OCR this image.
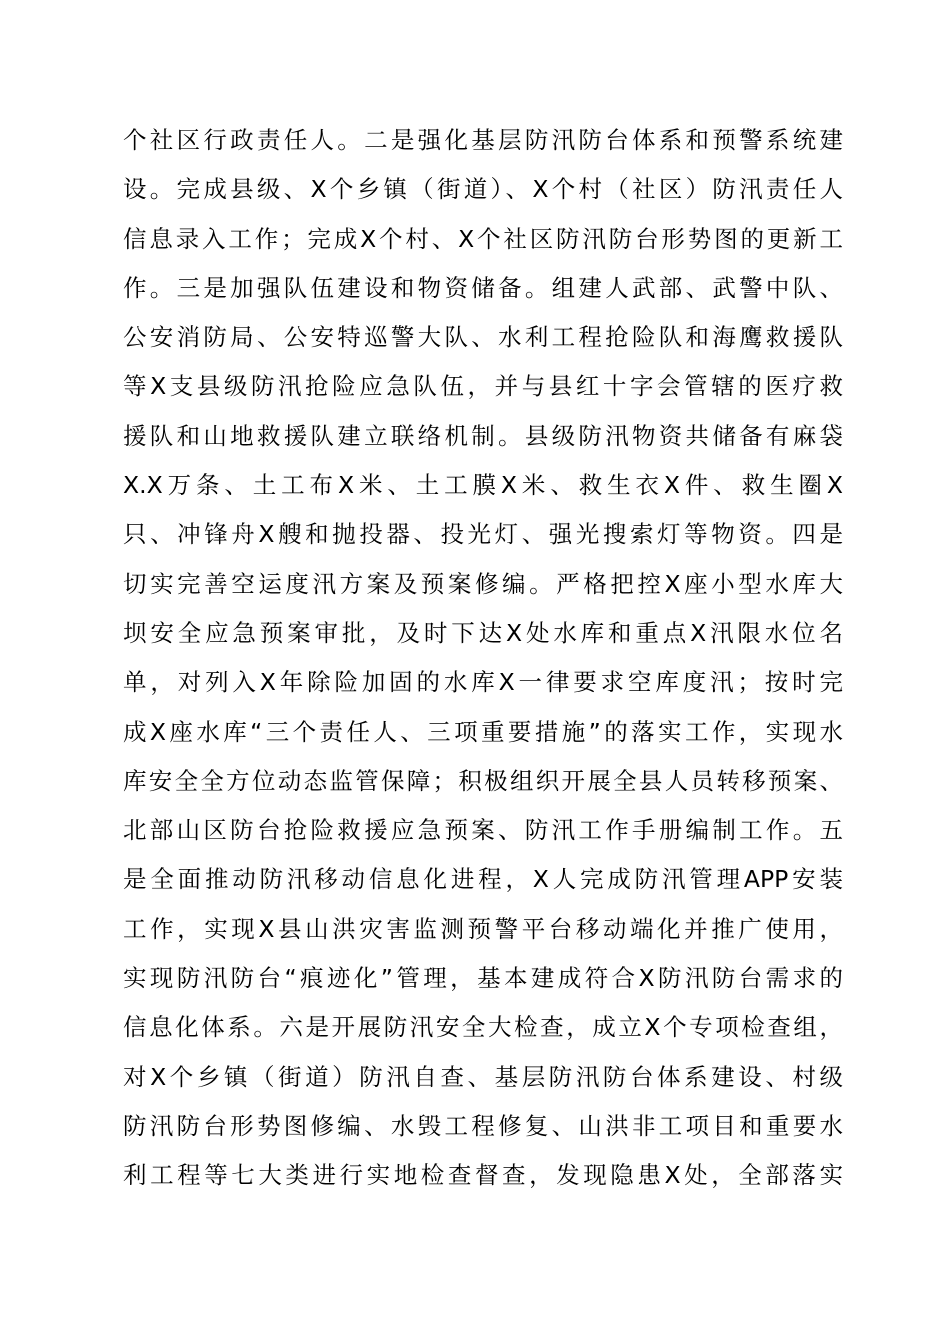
个社区行政责任人。二是强化基层防汛防台体系和预警系统建
设。完成县级、X个乡镇（街道）、X个村（社区）防汛责任人
信息录入工作；完成X个村、X个社区防汛防台形势图的更新工
作。三是加强队伍建设和物资储备。组建人武部、武警中队、
公安消防局、公安特巡警大队、水利工程抢险队和海鹰救援队
等X支县级防汛抢险应急队伍，并与县红十字会管辖的医疗救
援队和山地救援队建立联络机制。县级防汛物资共储备有麻袋
X.X万条、土工布X米、土工膜X米、救生衣X件、救生圈X
只、冲锋舟X艘和抛投器、投光灯、强光搜索灯等物资。四是
切实完善空运度汛方案及预案修编。严格把控X座小型水库大
坝安全应急预案审批，及时下达X处水库和重点X汛限水位名
单，对列入X年除险加固的水库X一律要求空库度汛；按时完
成X座水库“三个责任人、三项重要措施”的落实工作，实现水
库安全全方位动态监管保障；积极组织开展全县人员转移预案、
北部山区防台抢险救援应急预案、防汛工作手册编制工作。五
是全面推动防汛移动信息化进程，X人完成防汛管理APP安装
工作，实现X县山洪灾害监测预警平台移动端化并推广使用，
实现防汛防台“痕迹化”管理，基本建成符合X防汛防台需求的
信息化体系。六是开展防汛安全大检查，成立X个专项检查组，
对X个乡镇（街道）防汛自查、基层防汛防台体系建设、村级
防汛防台形势图修编、水毁工程修复、山洪非工项目和重要水
利工程等七大类进行实地检查督查，发现隐患X处，全部落实
